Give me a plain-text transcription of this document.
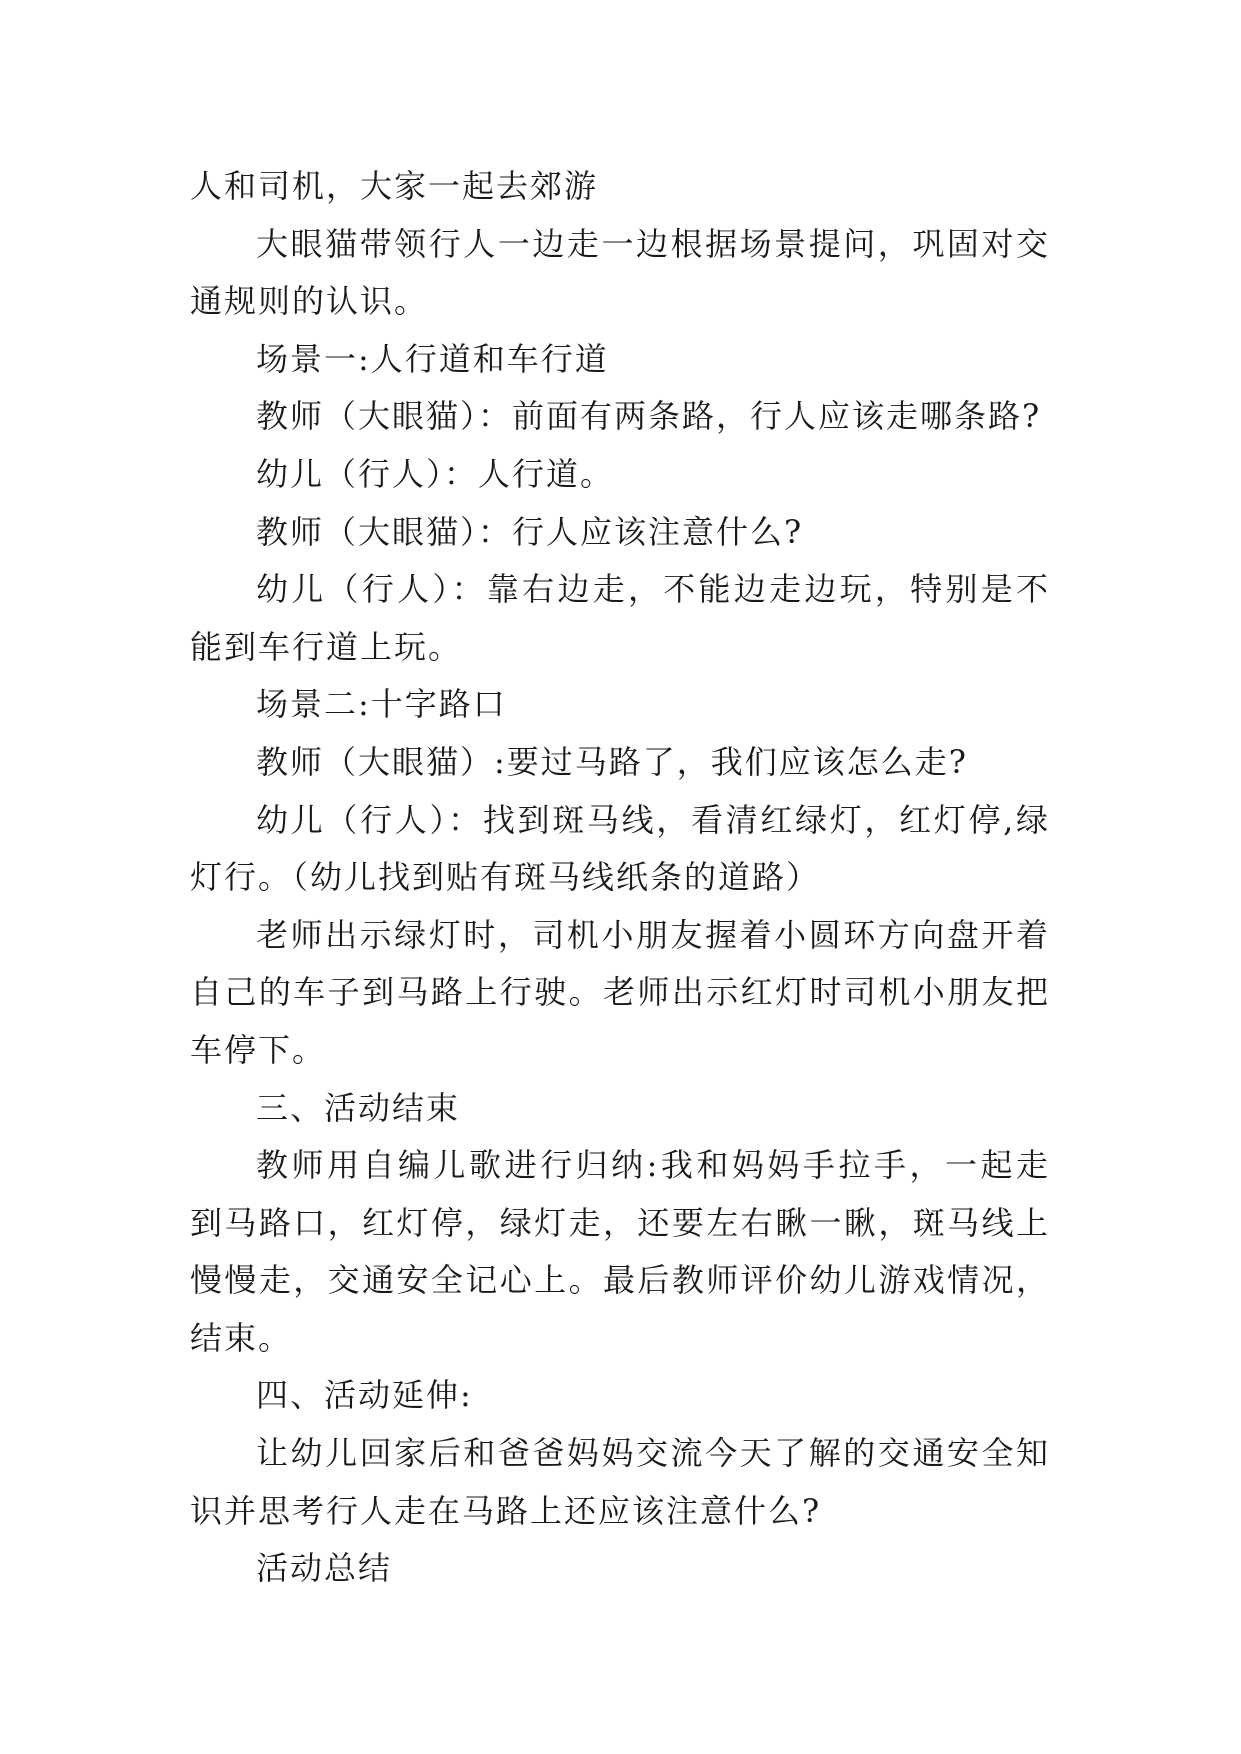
人和司机，大家一起去郊游

大眼猫带领行人一边走一边根据场景提问，巩固对交通规则的认识。

场景一:人行道和车行道

教师（大眼猫）：前面有两条路，行人应该走哪条路?

幼儿（行人）：人行道。

教师（大眼猫）：行人应该注意什么?

幼儿（行人）：靠右边走，不能边走边玩，特别是不能到车行道上玩。

场景二:十字路口

教师（大眼猫）:要过马路了，我们应该怎么走?

幼儿（行人）：找到斑马线，看清红绿灯，红灯停,绿灯行。（幼儿找到贴有斑马线纸条的道路）

老师出示绿灯时，司机小朋友握着小圆环方向盘开着自己的车子到马路上行驶。老师出示红灯时司机小朋友把车停下。

三、活动结束

教师用自编儿歌进行归纳:我和妈妈手拉手，一起走到马路口，红灯停，绿灯走，还要左右瞅一瞅，斑马线上慢慢走，交通安全记心上。最后教师评价幼儿游戏情况，结束。

四、活动延伸:

让幼儿回家后和爸爸妈妈交流今天了解的交通安全知识并思考行人走在马路上还应该注意什么?

活动总结
